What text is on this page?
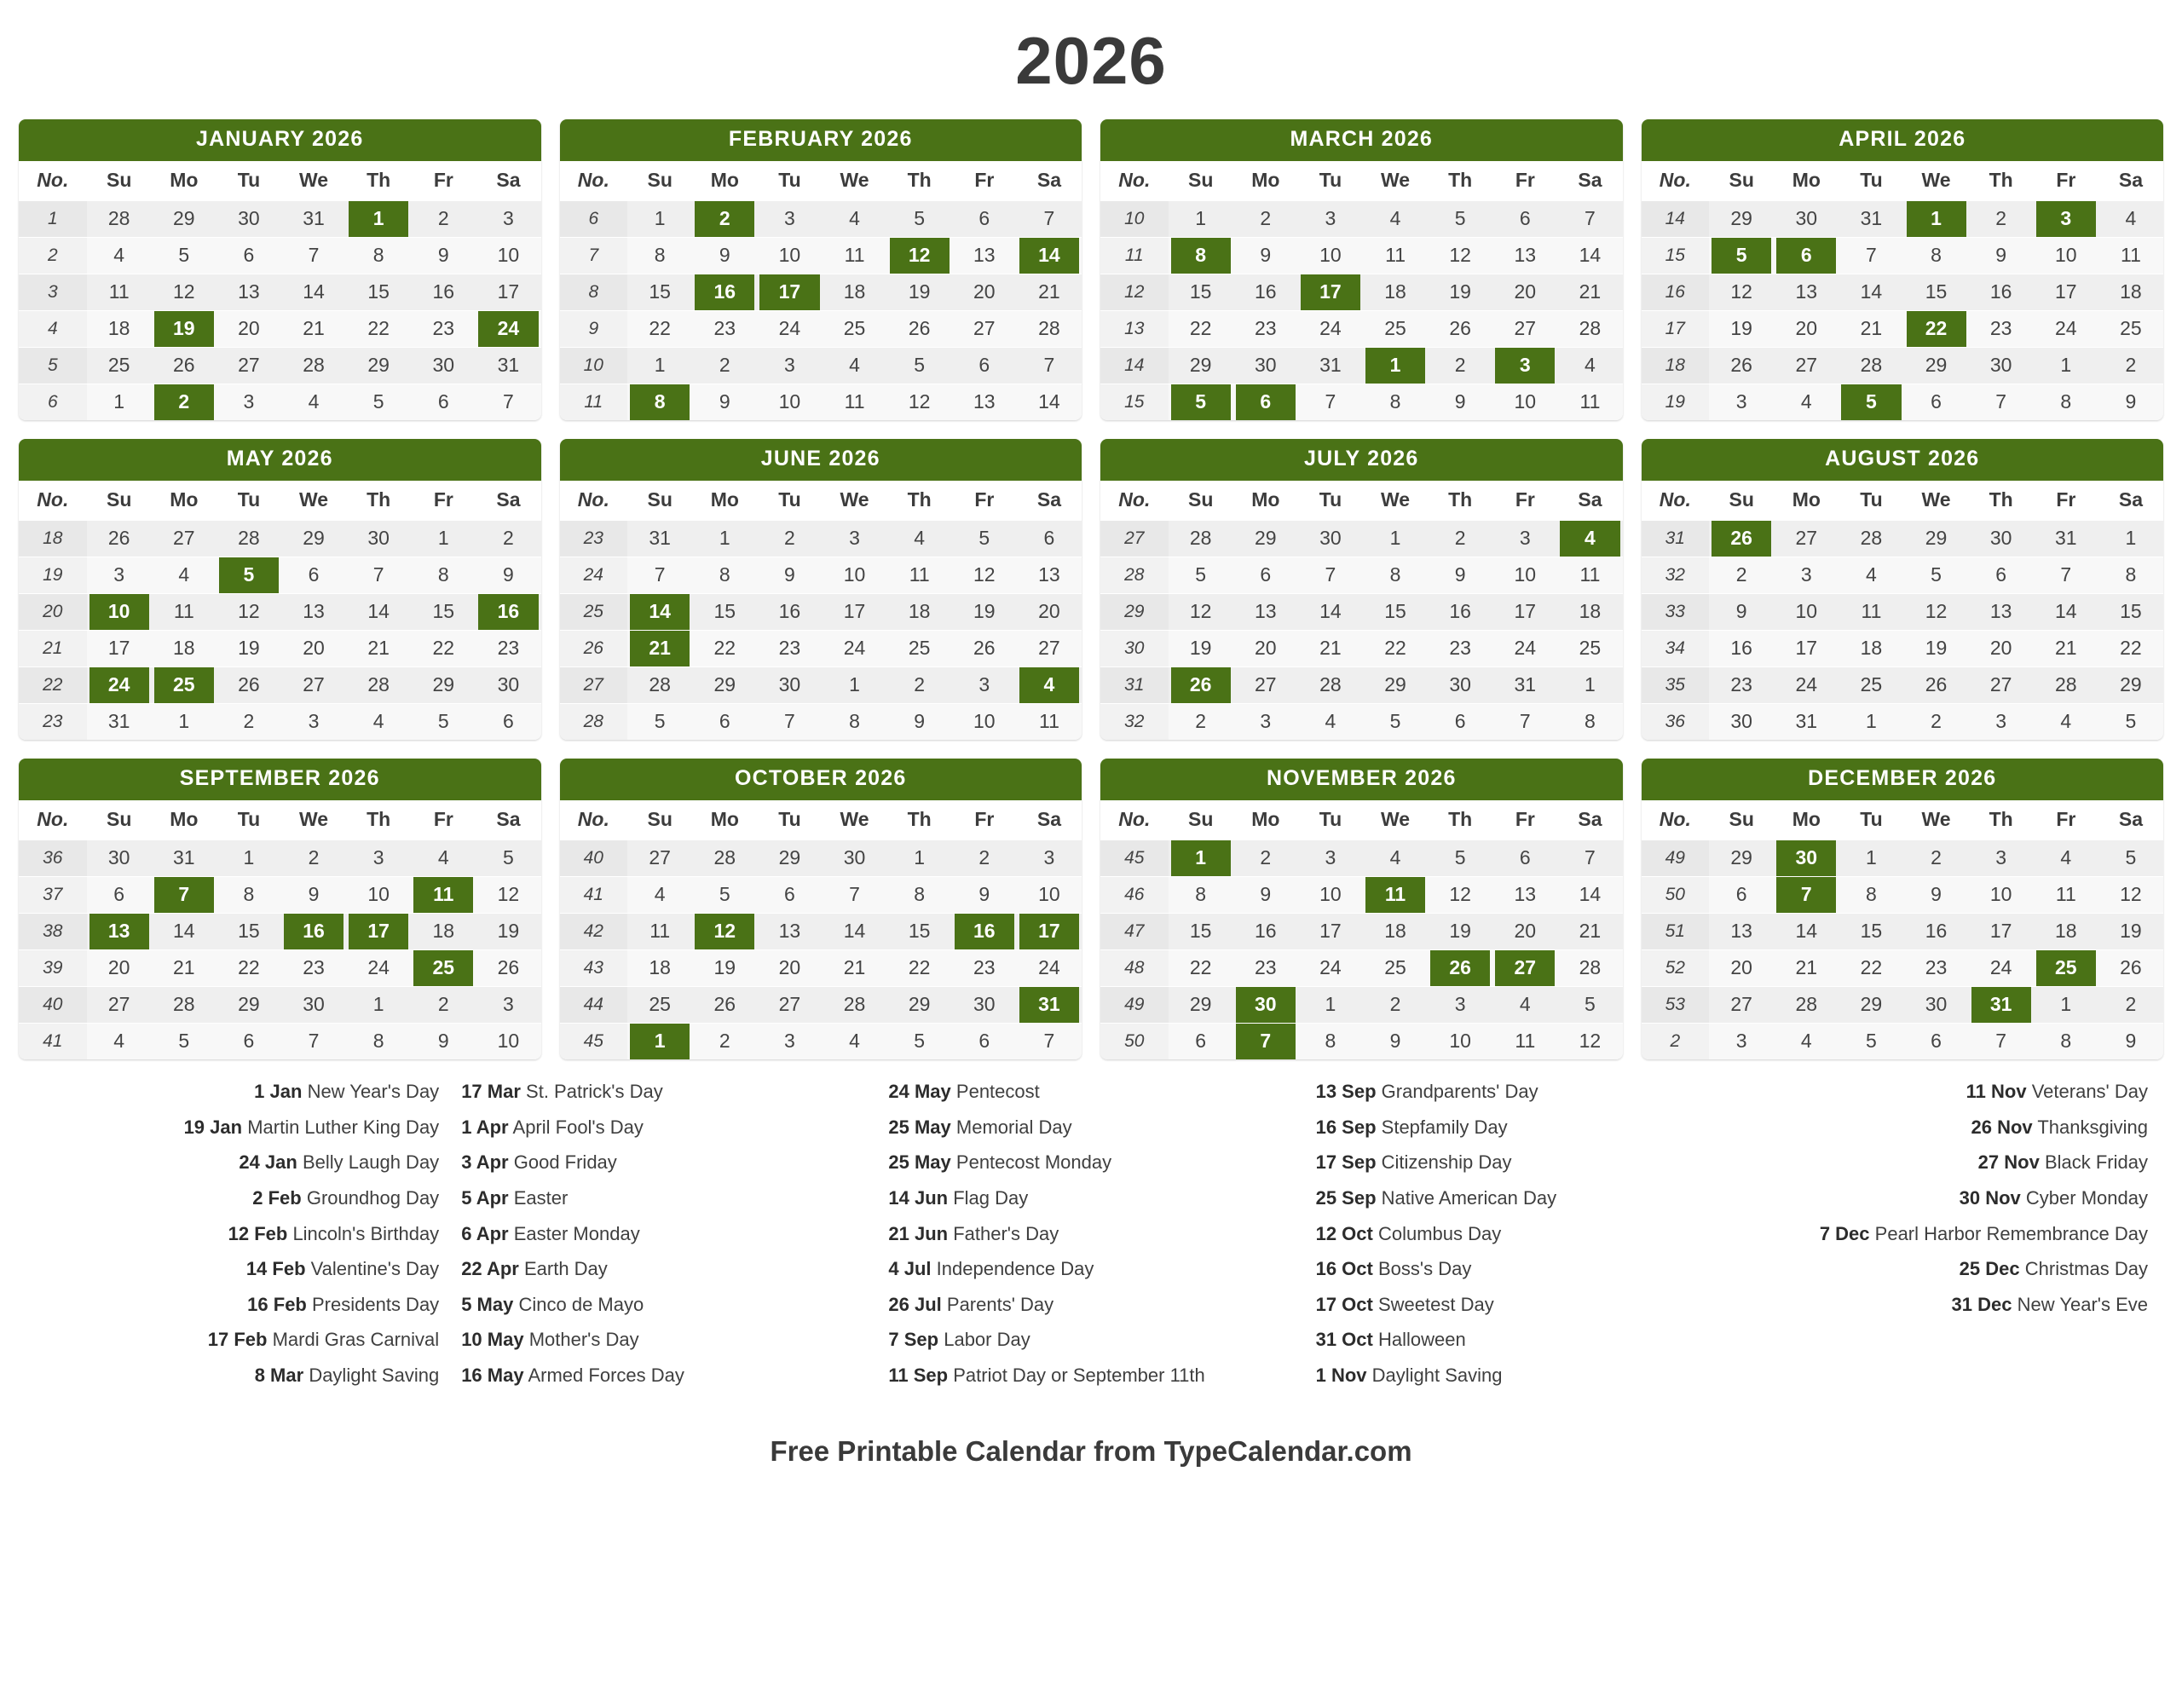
2026
JANUARY 2026
No.	Su	Mo	Tu	We	Th	Fr	Sa
1	28	29	30	31	1	2	3
2	4	5	6	7	8	9	10
3	11	12	13	14	15	16	17
4	18	19	20	21	22	23	24

5	25	26	27	28	29	30	31
6	1	2	3	4	5	6	7
FEBRUARY 2026
No.	Su	Mo	Tu	We	Th	Fr	Sa
6	1	2	3	4	5	6	7
7	8	9	10	11	12	13	14

8	15	16	17	18	19	20	21
9	22	23	24	25	26	27	28
10	1	2	3	4	5	6	7
11	8	9	10	11	12	13	14
MARCH 2026
No.	Su	Mo	Tu	We	Th	Fr	Sa
10	1	2	3	4	5	6	7
11	8	9	10	11	12	13	14
12	15	16	17	18	19	20	21
13	22	23	24	25	26	27	28
14	29	30	31	1	2	3	4
15	5	6	7	8	9	10	11
APRIL 2026
No.	Su	Mo	Tu	We	Th	Fr	Sa
14	29	30	31	1	2	3	4
15	5	6	7	8	9	10	11
16	12	13	14	15	16	17	18
17	19	20	21	22	23	24	25
18	26	27	28	29	30	1	2
19	3	4	5	6	7	8	9
MAY 2026
No.	Su	Mo	Tu	We	Th	Fr	Sa
18	26	27	28	29	30	1	2
19	3	4	5	6	7	8	9
20	10	11	12	13	14	15	16

21	17	18	19	20	21	22	23
22	24	25	26	27	28	29	30
23	31	1	2	3	4	5	6
JUNE 2026
No.	Su	Mo	Tu	We	Th	Fr	Sa
23	31	1	2	3	4	5	6
24	7	8	9	10	11	12	13
25	14	15	16	17	18	19	20
26	21	22	23	24	25	26	27
27	28	29	30	1	2	3	4

28	5	6	7	8	9	10	11
JULY 2026
No.	Su	Mo	Tu	We	Th	Fr	Sa
27	28	29	30	1	2	3	4

28	5	6	7	8	9	10	11
29	12	13	14	15	16	17	18
30	19	20	21	22	23	24	25
31	26	27	28	29	30	31	1
32	2	3	4	5	6	7	8
AUGUST 2026
No.	Su	Mo	Tu	We	Th	Fr	Sa
31	26	27	28	29	30	31	1
32	2	3	4	5	6	7	8
33	9	10	11	12	13	14	15
34	16	17	18	19	20	21	22
35	23	24	25	26	27	28	29
36	30	31	1	2	3	4	5
SEPTEMBER 2026
No.	Su	Mo	Tu	We	Th	Fr	Sa
36	30	31	1	2	3	4	5
37	6	7	8	9	10	11	12
38	13	14	15	16	17	18	19
39	20	21	22	23	24	25	26
40	27	28	29	30	1	2	3
41	4	5	6	7	8	9	10
OCTOBER 2026
No.	Su	Mo	Tu	We	Th	Fr	Sa
40	27	28	29	30	1	2	3
41	4	5	6	7	8	9	10
42	11	12	13	14	15	16	17

43	18	19	20	21	22	23	24
44	25	26	27	28	29	30	31

45	1	2	3	4	5	6	7
NOVEMBER 2026
No.	Su	Mo	Tu	We	Th	Fr	Sa
45	1	2	3	4	5	6	7
46	8	9	10	11	12	13	14
47	15	16	17	18	19	20	21
48	22	23	24	25	26	27	28
49	29	30	1	2	3	4	5
50	6	7	8	9	10	11	12
DECEMBER 2026
No.	Su	Mo	Tu	We	Th	Fr	Sa
49	29	30	1	2	3	4	5
50	6	7	8	9	10	11	12
51	13	14	15	16	17	18	19
52	20	21	22	23	24	25	26
53	27	28	29	30	31	1	2
2	3	4	5	6	7	8	9
1 Jan New Year's Day
19 Jan Martin Luther King Day
24 Jan Belly Laugh Day
2 Feb Groundhog Day
12 Feb Lincoln's Birthday
14 Feb Valentine's Day
16 Feb Presidents Day
17 Feb Mardi Gras Carnival
8 Mar Daylight Saving
17 Mar St. Patrick's Day
1 Apr April Fool's Day
3 Apr Good Friday
5 Apr Easter
6 Apr Easter Monday
22 Apr Earth Day
5 May Cinco de Mayo
10 May Mother's Day
16 May Armed Forces Day
24 May Pentecost
25 May Memorial Day
25 May Pentecost Monday
14 Jun Flag Day
21 Jun Father's Day
4 Jul Independence Day
26 Jul Parents' Day
7 Sep Labor Day
11 Sep Patriot Day or September 11th
13 Sep Grandparents' Day
16 Sep Stepfamily Day
17 Sep Citizenship Day
25 Sep Native American Day
12 Oct Columbus Day
16 Oct Boss's Day
17 Oct Sweetest Day
31 Oct Halloween
1 Nov Daylight Saving
11 Nov Veterans' Day
26 Nov Thanksgiving
27 Nov Black Friday
30 Nov Cyber Monday
7 Dec Pearl Harbor Remembrance Day
25 Dec Christmas Day
31 Dec New Year's Eve
Free Printable Calendar from TypeCalendar.com
